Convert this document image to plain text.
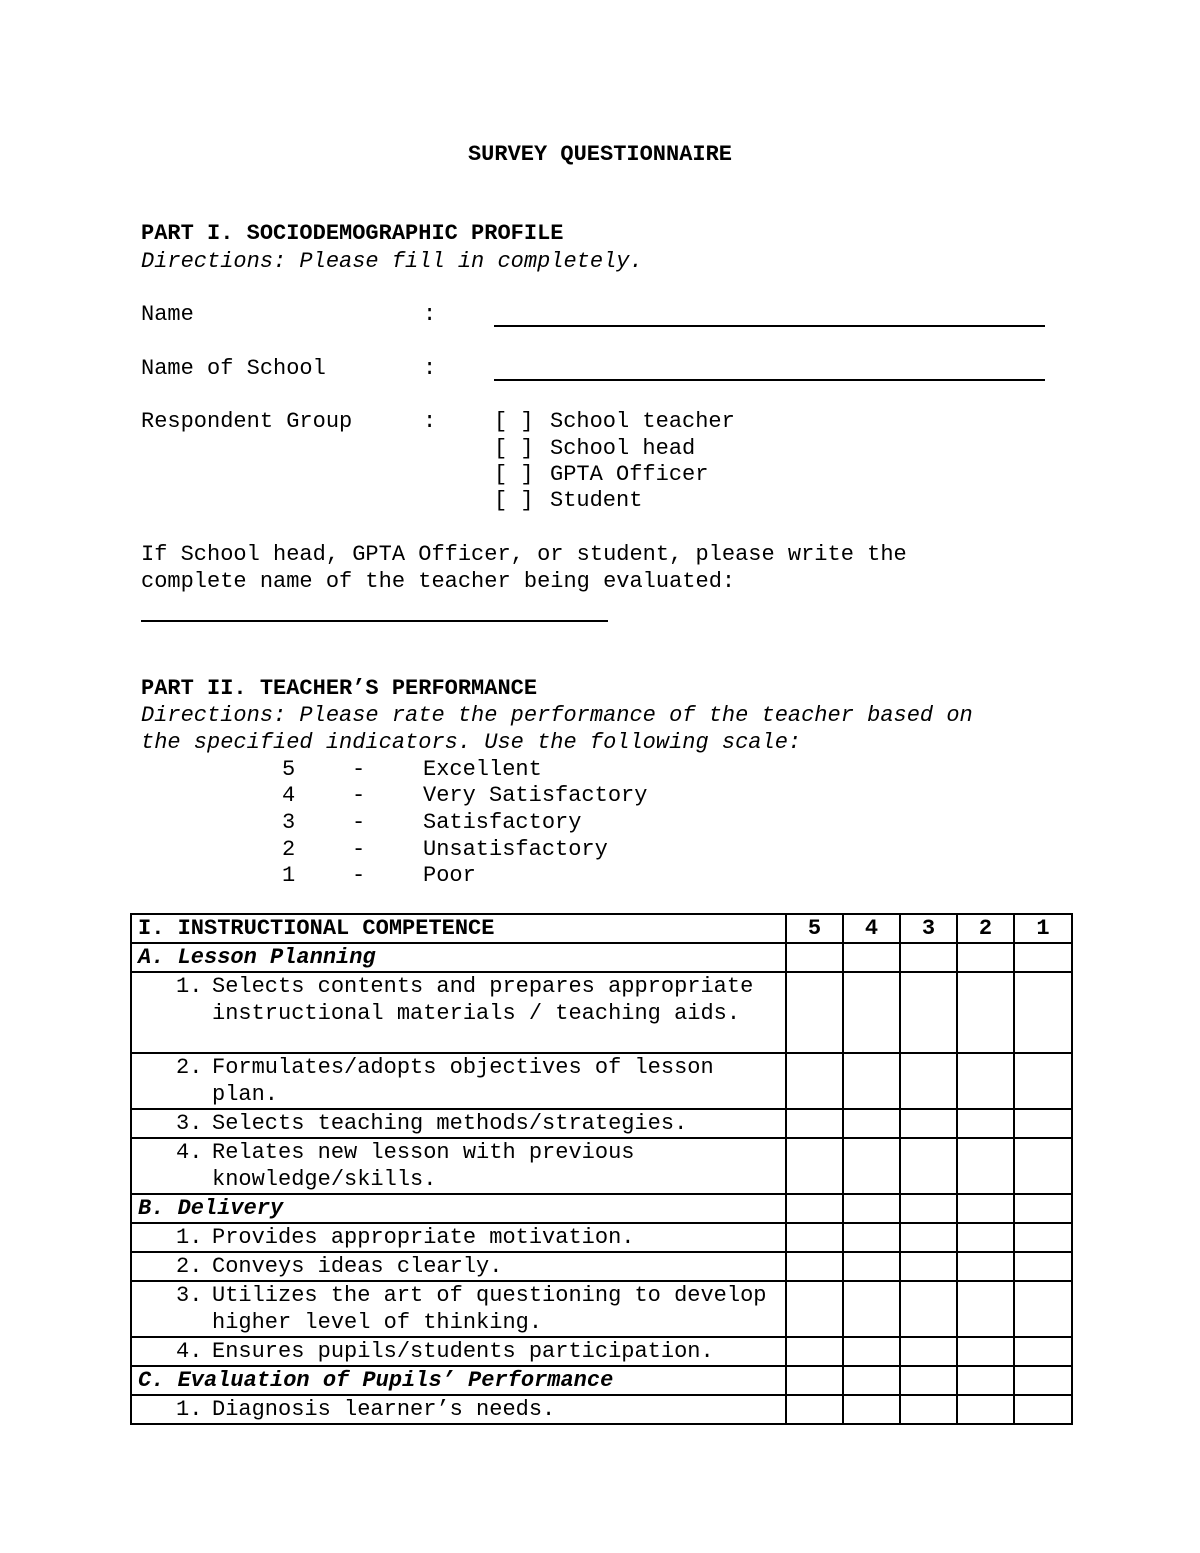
SURVEY QUESTIONNAIRE
PART I. SOCIODEMOGRAPHIC PROFILE
Directions: Please fill in completely.
Name	:
Name of School	:
Respondent Group	:	[ ] School teacher
[ ] School head
[ ] GPTA Officer
[ ] Student
If School head, GPTA Officer, or student, please write the
complete name of the teacher being evaluated:
PART II. TEACHER’S PERFORMANCE
Directions: Please rate the performance of the teacher based on
the specified indicators. Use the following scale:
5	-	Excellent
4	-	Very Satisfactory
3	-	Satisfactory
2	-	Unsatisfactory
1	-	Poor
I. INSTRUCTIONAL COMPETENCE	5	4	3	2	1
A. Lesson Planning					

1. Selects contents and prepares appropriate instructional materials / teaching aids.					

2. Formulates/adopts objectives of lesson plan.					

3. Selects teaching methods/strategies.					

4. Relates new lesson with previous knowledge/skills.					

B. Delivery					

1. Provides appropriate motivation.					

2. Conveys ideas clearly.					

3. Utilizes the art of questioning to develop higher level of thinking.					

4. Ensures pupils/students participation.					

C. Evaluation of Pupils’ Performance					

1. Diagnosis learner’s needs.					
